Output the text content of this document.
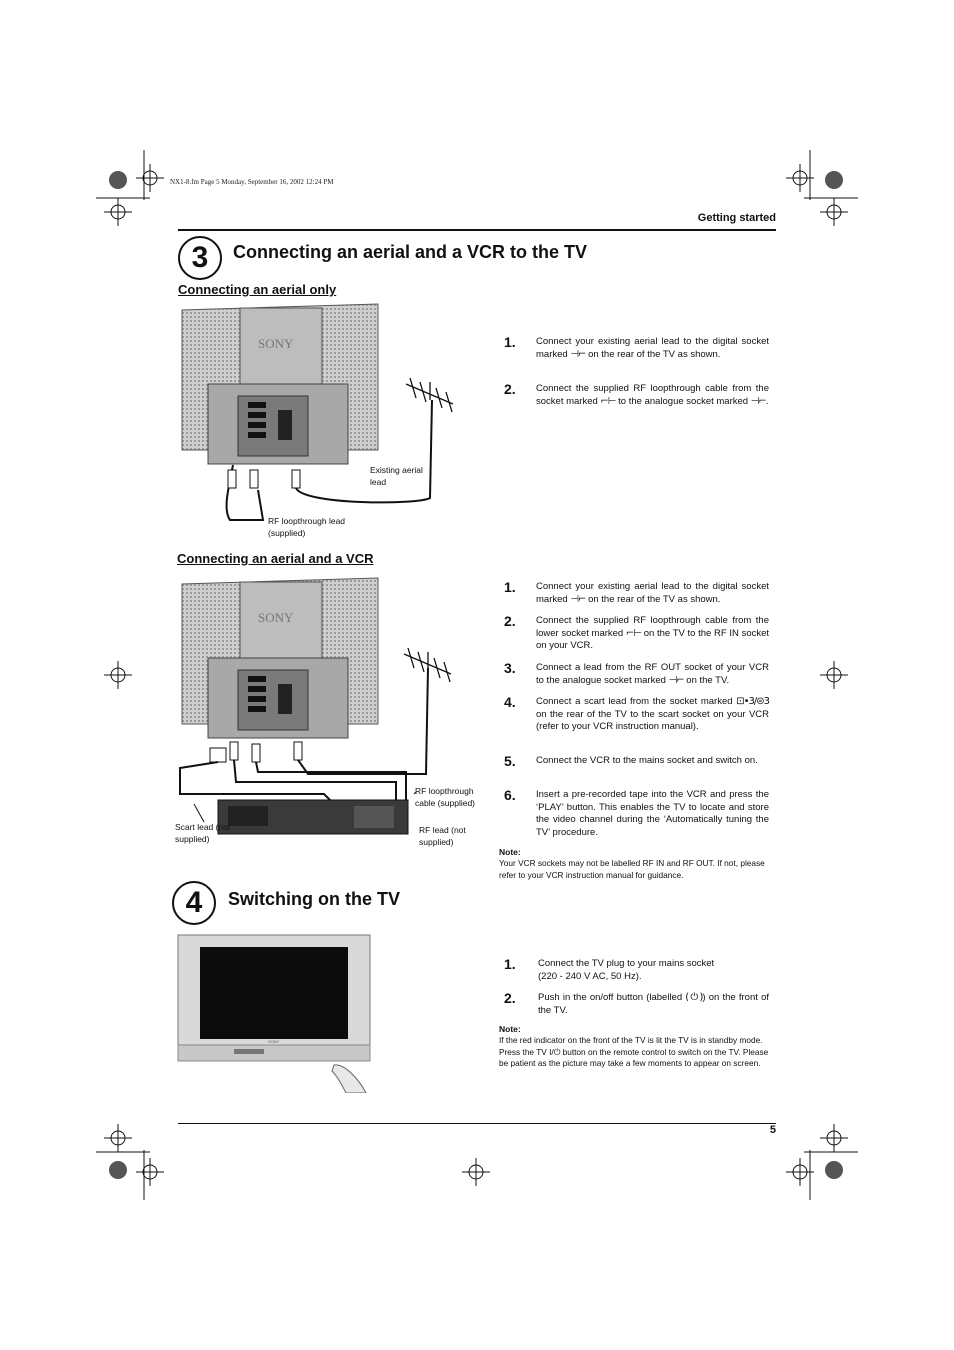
NX1-8.fm Page 5 Monday, September 16, 2002 12:24 PM
Getting started
3	Connecting an aerial and a VCR to the TV
Connecting an aerial only
SONY
Existing aerial lead
RF loopthrough lead (supplied)
1. Connect your existing aerial lead to the digital socket marked ⊣⌐ on the rear of the TV as shown.
2. Connect the supplied RF loopthrough cable from the socket marked ⌐⊢ to the analogue socket marked ⊣⌐.
Connecting an aerial and a VCR
SONY
RF loopthrough cable (supplied)
Scart lead (not supplied)
RF lead (not supplied)
1. Connect your existing aerial lead to the digital socket marked ⊣⌐ on the rear of the TV as shown.
2. Connect the supplied RF loopthrough cable from the lower socket marked ⌐⊢ on the TV to the RF IN socket on your VCR.
3. Connect a lead from the RF OUT socket of your VCR to the analogue socket marked ⊣⌐ on the TV.
4. Connect a scart lead from the socket marked ⊡•3/⊜3 on the rear of the TV to the scart socket on your VCR (refer to your VCR instruction manual).
5. Connect the VCR to the mains socket and switch on.
6. Insert a pre-recorded tape into the VCR and press the ‘PLAY’ button. This enables the TV to locate and store the video channel during the ‘Automatically tuning the TV’ procedure.
Note:
Your VCR sockets may not be labelled RF IN and RF OUT. If not, please refer to your VCR instruction manual for guidance.
4	Switching on the TV
SONY
1. Connect the TV plug to your mains socket (220 - 240 V AC, 50 Hz).
2. Push in the on/off button (labelled ( ⏻ )) on the front of the TV.
Note:
If the red indicator on the front of the TV is lit the TV is in standby mode. Press the TV I/⏻ button on the remote control to switch on the TV. Please be patient as the picture may take a few moments to appear on screen.
5
